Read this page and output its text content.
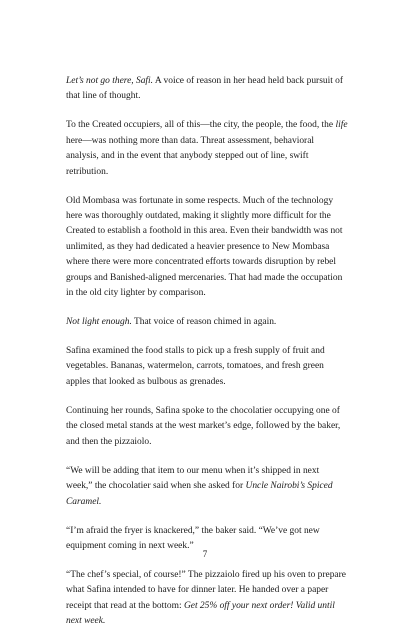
Let’s not go there, Safi. A voice of reason in her head held back pursuit of that line of thought.

To the Created occupiers, all of this—the city, the people, the food, the life here—was nothing more than data. Threat assessment, behavioral analysis, and in the event that anybody stepped out of line, swift retribution.

Old Mombasa was fortunate in some respects. Much of the technology here was thoroughly outdated, making it slightly more difficult for the Created to establish a foothold in this area. Even their bandwidth was not unlimited, as they had dedicated a heavier presence to New Mombasa where there were more concentrated efforts towards disruption by rebel groups and Banished-aligned mercenaries. That had made the occupation in the old city lighter by comparison.

Not light enough. That voice of reason chimed in again.

Safina examined the food stalls to pick up a fresh supply of fruit and vegetables. Bananas, watermelon, carrots, tomatoes, and fresh green apples that looked as bulbous as grenades.

Continuing her rounds, Safina spoke to the chocolatier occupying one of the closed metal stands at the west market’s edge, followed by the baker, and then the pizzaiolo.

“We will be adding that item to our menu when it’s shipped in next week,” the chocolatier said when she asked for Uncle Nairobi’s Spiced Caramel.

“I’m afraid the fryer is knackered,” the baker said. “We’ve got new equipment coming in next week.”

“The chef’s special, of course!” The pizzaiolo fired up his oven to prepare what Safina intended to have for dinner later. He handed over a paper receipt that read at the bottom: Get 25% off your next order! Valid until next week.

7
